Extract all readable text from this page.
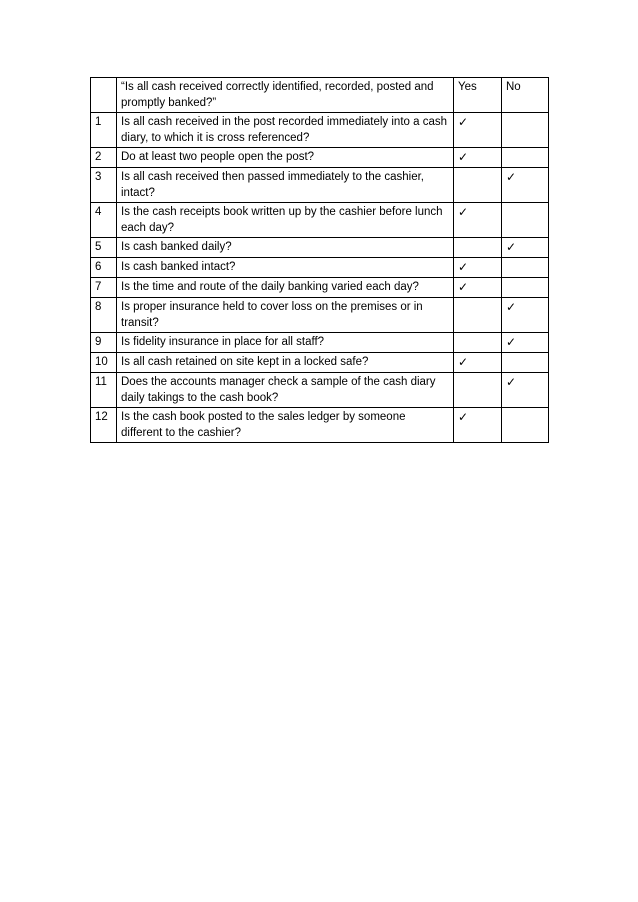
	“Is all cash received correctly identified, recorded, posted and promptly banked?”	Yes	No
1	Is all cash received in the post recorded immediately into a cash diary, to which it is cross referenced?	✓	
2	Do at least two people open the post?	✓	
3	Is all cash received then passed immediately to the cashier, intact?		✓
4	Is the cash receipts book written up by the cashier before lunch each day?	✓	
5	Is cash banked daily?		✓
6	Is cash banked intact?	✓	
7	Is the time and route of the daily banking varied each day?	✓	
8	Is proper insurance held to cover loss on the premises or in transit?		✓
9	Is fidelity insurance in place for all staff?		✓
10	Is all cash retained on site kept in a locked safe?	✓	
11	Does the accounts manager check a sample of the cash diary daily takings to the cash book?		✓
12	Is the cash book posted to the sales ledger by someone different to the cashier?	✓	
